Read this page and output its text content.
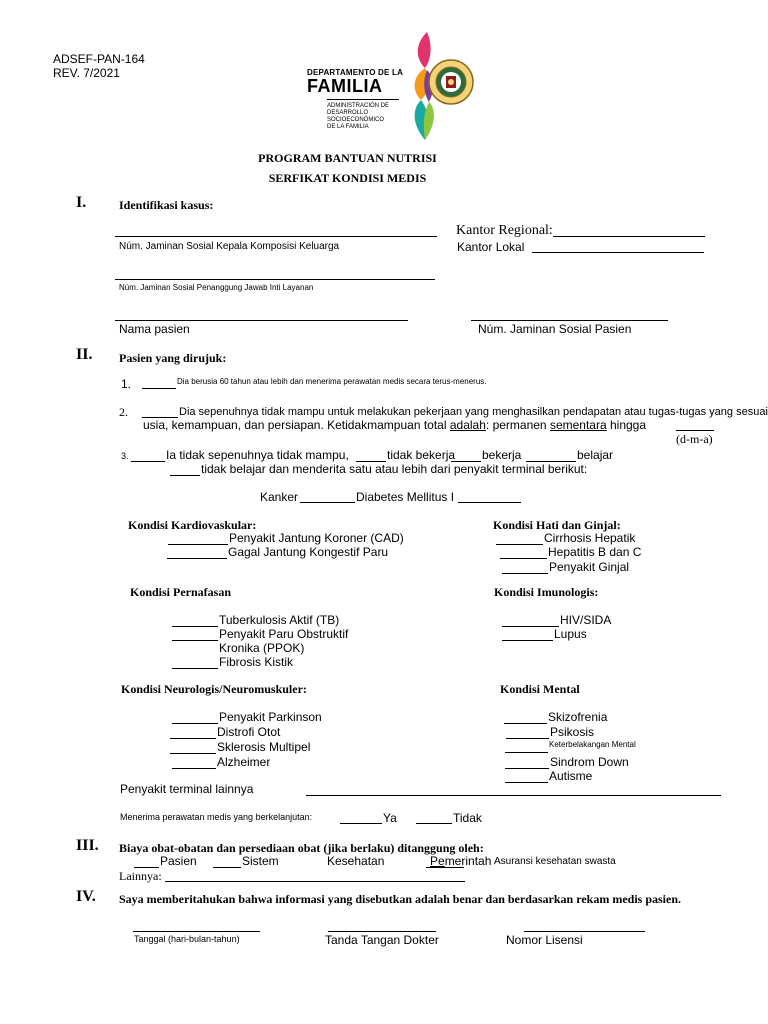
ADSEF-PAN-164
REV. 7/2021	DEPARTAMENTO DE LA
FAMILIA
ADMINISTRACIÓN DE
DESARROLLO
SOCIOECONÓMICO
DE LA FAMILIA
PROGRAM BANTUAN NUTRISI
SERFIKAT KONDISI MEDIS
I.	Identifikasi kasus:
Kantor Regional:
Núm. Jaminan Sosial Kepala Komposisi Keluarga	Kantor Lokal
Núm. Jaminan Sosial Penanggung Jawab Inti Layanan
Nama pasien	Núm. Jaminan Sosial Pasien
II. Pasien yang dirujuk:
1.	Dia berusia 60 tahun atau lebih dan menerima perawatan medis secara terus-menerus.
2.	Dia sepenuhnya tidak mampu untuk melakukan pekerjaan yang menghasilkan pendapatan atau tugas-tugas yang sesuai
usia, kemampuan, dan persiapan. Ketidakmampuan total adalah: permanen sementara hingga
(d-m-a)
3.	Ia tidak sepenuhnya tidak mampu,	tidak bekerja bekerja	belajar
tidak belajar dan menderita satu atau lebih dari penyakit terminal berikut:
Kanker	Diabetes Mellitus I
Kondisi Kardiovaskular:
Penyakit Jantung Koroner (CAD)
Gagal Jantung Kongestif Paru
Kondisi Hati dan Ginjal:
Cirrhosis Hepatik
Hepatitis B dan C
Penyakit Ginjal
Kondisi Pernafasan
Tuberkulosis Aktif (TB)
Penyakit Paru Obstruktif
Kronika (PPOK)
Fibrosis Kistik
Kondisi Imunologis:
HIV/SIDA
Lupus
Kondisi Neurologis/Neuromuskuler:
Penyakit Parkinson
Distrofi Otot
Sklerosis Multipel
Alzheimer
Kondisi Mental
Skizofrenia
Psikosis
Keterbelakangan Mental
Sindrom Down
Autisme
Penyakit terminal lainnya
Menerima perawatan medis yang berkelanjutan:	Ya	Tidak
III. Biaya obat-obatan dan persediaan obat (jika berlaku) ditanggung oleh:
Pasien	Sistem	Kesehatan	Pemerintah Asuransi kesehatan swasta
Lainnya:
IV. Saya memberitahukan bahwa informasi yang disebutkan adalah benar dan berdasarkan rekam medis pasien.
Tanggal (hari-bulan-tahun)	Tanda Tangan Dokter	Nomor Lisensi
